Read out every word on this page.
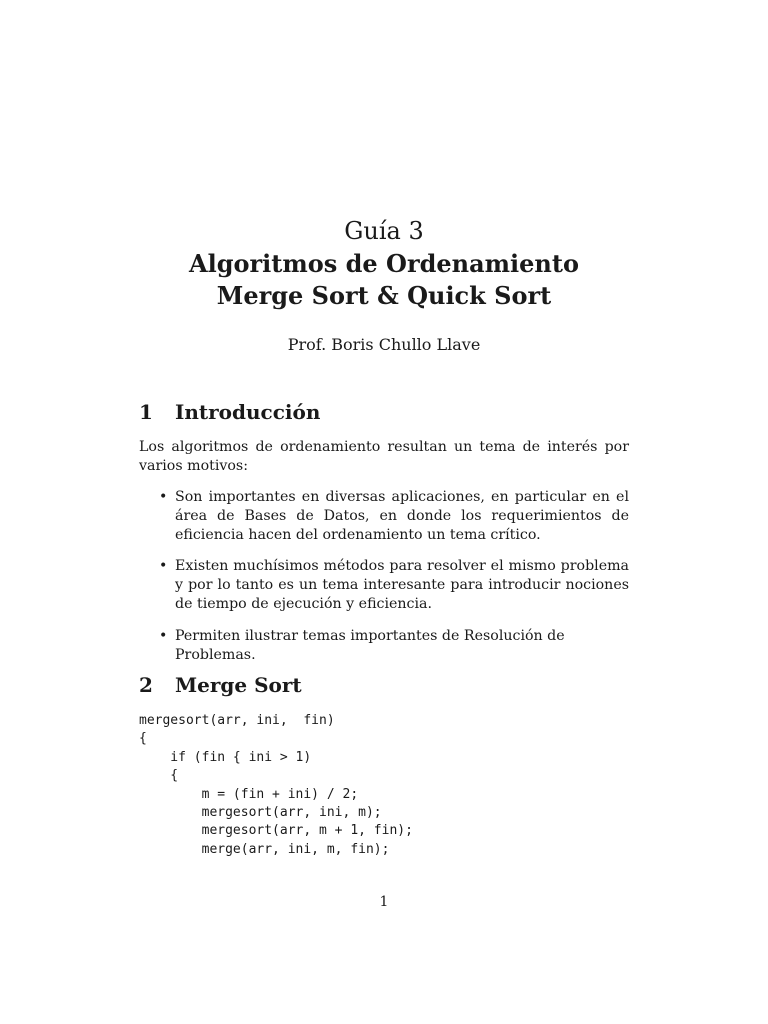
Guía 3
Algoritmos de Ordenamiento
Merge Sort & Quick Sort
Prof. Boris Chullo Llave
1 Introducción
Los algoritmos de ordenamiento resultan un tema de interés por varios motivos:
• Son importantes en diversas aplicaciones, en particular en el área de Bases de Datos, en donde los requerimientos de eficiencia hacen del ordenamiento un tema crítico.
• Existen muchísimos métodos para resolver el mismo problema y por lo tanto es un tema interesante para introducir nociones de tiempo de ejecución y eficiencia.
• Permiten ilustrar temas importantes de Resolución de Problemas.
2 Merge Sort
mergesort(arr, ini,  fin)
{
if (fin { ini > 1)
{
m = (fin + ini) / 2;
mergesort(arr, ini, m);
mergesort(arr, m + 1, fin);
merge(arr, ini, m, fin);
1
